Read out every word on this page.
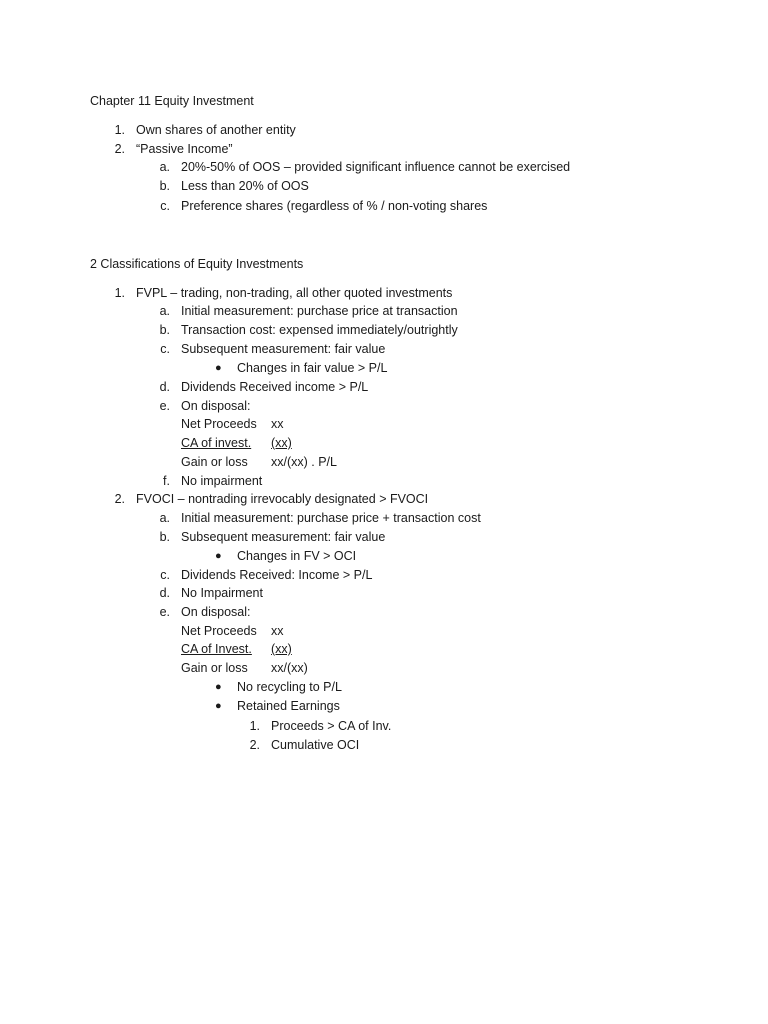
Chapter 11 Equity Investment
1. Own shares of another entity
2. “Passive Income”
a. 20%-50% of OOS – provided significant influence cannot be exercised
b. Less than 20% of OOS
c. Preference shares (regardless of % / non-voting shares
2 Classifications of Equity Investments
1. FVPL – trading, non-trading, all other quoted investments
a. Initial measurement: purchase price at transaction
b. Transaction cost: expensed immediately/outrightly
c. Subsequent measurement: fair value
● Changes in fair value > P/L
d. Dividends Received income > P/L
e. On disposal:
Net Proceeds xx
CA of invest. (xx)
Gain or loss xx/(xx) . P/L
f. No impairment
2. FVOCI – nontrading irrevocably designated > FVOCI
a. Initial measurement: purchase price + transaction cost
b. Subsequent measurement: fair value
● Changes in FV > OCI
c. Dividends Received: Income > P/L
d. No Impairment
e. On disposal:
Net Proceeds xx
CA of Invest. (xx)
Gain or loss xx/(xx)
● No recycling to P/L
● Retained Earnings
1. Proceeds > CA of Inv.
2. Cumulative OCI
